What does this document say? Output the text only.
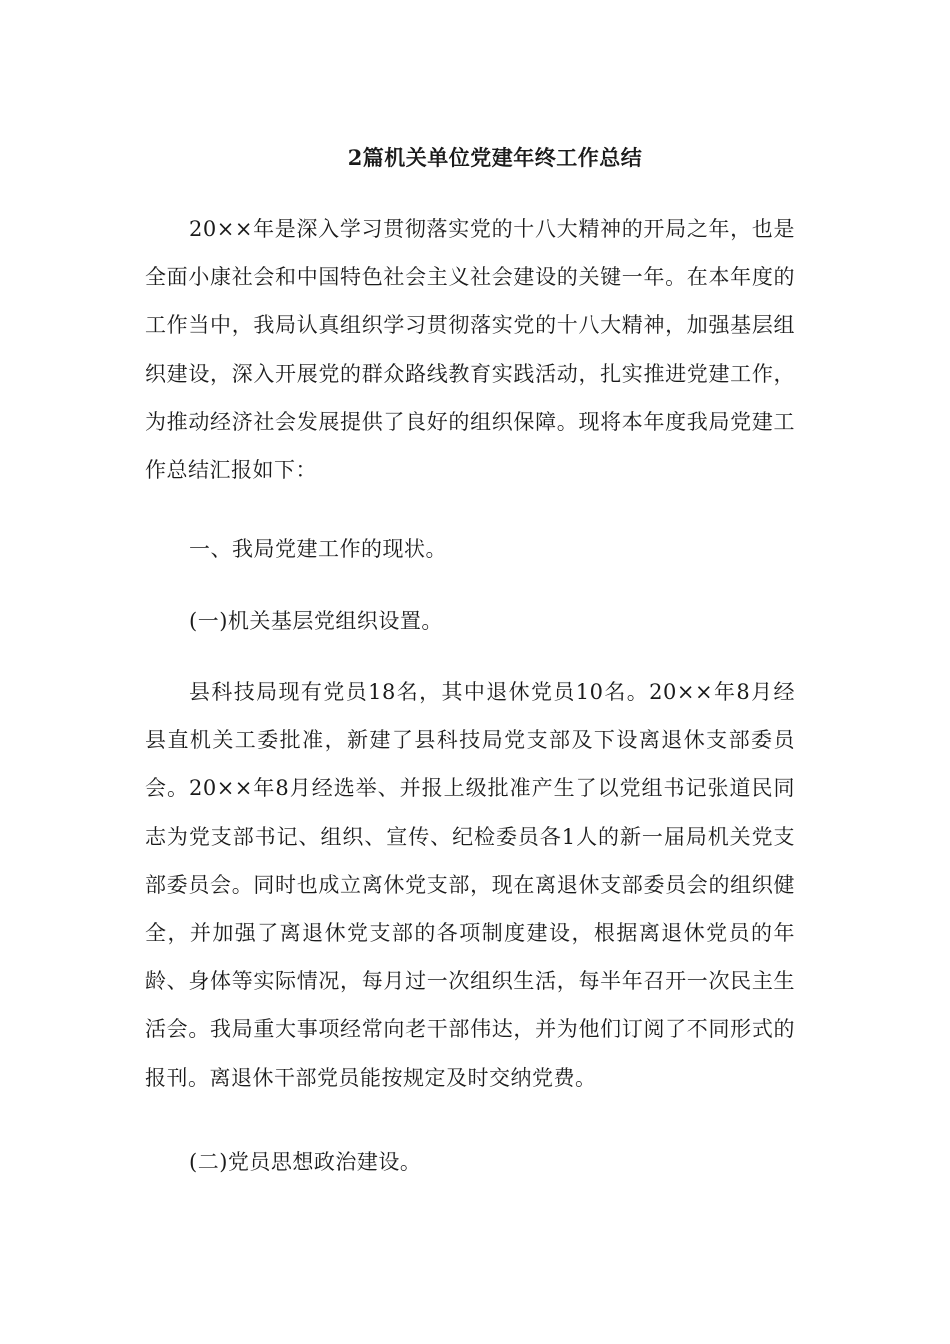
2篇机关单位党建年终工作总结

20××年是深入学习贯彻落实党的十八大精神的开局之年，也是全面小康社会和中国特色社会主义社会建设的关键一年。在本年度的工作当中，我局认真组织学习贯彻落实党的十八大精神，加强基层组织建设，深入开展党的群众路线教育实践活动，扎实推进党建工作，为推动经济社会发展提供了良好的组织保障。现将本年度我局党建工作总结汇报如下：

一、我局党建工作的现状。

(一)机关基层党组织设置。

县科技局现有党员18名，其中退休党员10名。20××年8月经县直机关工委批准，新建了县科技局党支部及下设离退休支部委员会。20××年8月经选举、并报上级批准产生了以党组书记张道民同志为党支部书记、组织、宣传、纪检委员各1人的新一届局机关党支部委员会。同时也成立离休党支部，现在离退休支部委员会的组织健全，并加强了离退休党支部的各项制度建设，根据离退休党员的年龄、身体等实际情况，每月过一次组织生活，每半年召开一次民主生活会。我局重大事项经常向老干部伟达，并为他们订阅了不同形式的报刊。离退休干部党员能按规定及时交纳党费。

(二)党员思想政治建设。
